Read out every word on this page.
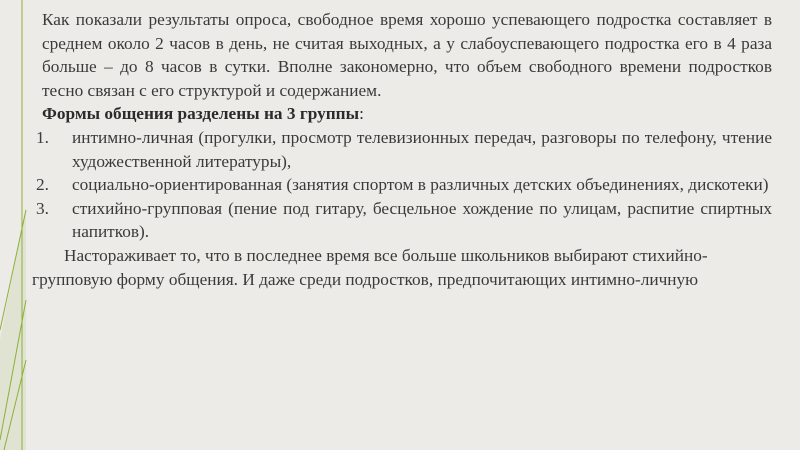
Как показали результаты опроса, свободное время хорошо успевающего подростка составляет в среднем около 2 часов в день, не считая выходных, а у слабоуспевающего подростка его в 4 раза больше – до 8 часов в сутки. Вполне закономерно, что объем свободного времени подростков тесно связан с его структурой и содержанием.

Формы общения разделены на 3 группы:

1. интимно-личная (прогулки, просмотр телевизионных передач, разговоры по телефону, чтение художественной литературы),
2. социально-ориентированная (занятия спортом в различных детских объединениях, дискотеки)
3. стихийно-групповая (пение под гитару, бесцельное хождение по улицам, распитие спиртных напитков).

Настораживает то, что в последнее время все больше школьников выбирают стихийно-групповую форму общения. И даже среди подростков, предпочитающих интимно-личную
